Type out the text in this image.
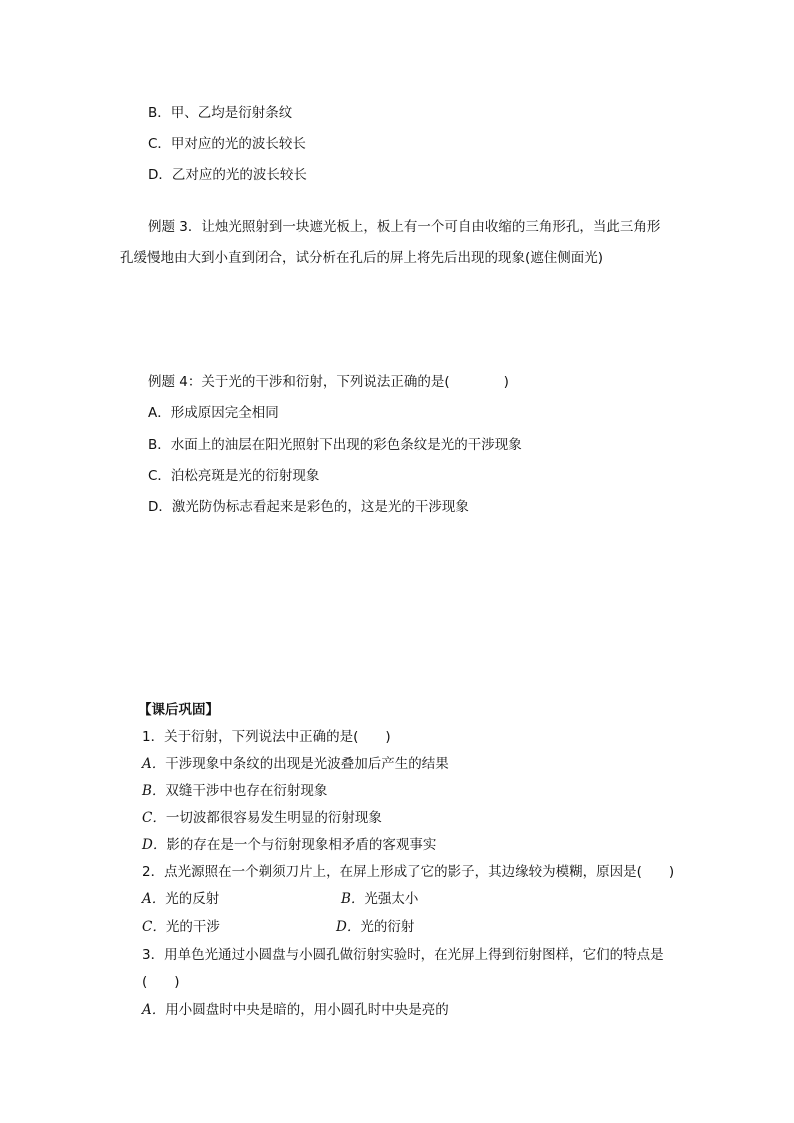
B．甲、乙均是衍射条纹
C．甲对应的光的波长较长
D．乙对应的光的波长较长
例题 3．让烛光照射到一块遮光板上，板上有一个可自由收缩的三角形孔，当此三角形
孔缓慢地由大到小直到闭合，试分析在孔后的屏上将先后出现的现象(遮住侧面光)
例题 4：关于光的干涉和衍射，下列说法正确的是(　　　　)
A．形成原因完全相同
B．水面上的油层在阳光照射下出现的彩色条纹是光的干涉现象
C．泊松亮斑是光的衍射现象
D．激光防伪标志看起来是彩色的，这是光的干涉现象
【课后巩固】
1．关于衍射，下列说法中正确的是(　　)
A．干涉现象中条纹的出现是光波叠加后产生的结果
B．双缝干涉中也存在衍射现象
C．一切波都很容易发生明显的衍射现象
D．影的存在是一个与衍射现象相矛盾的客观事实
2．点光源照在一个剃须刀片上，在屏上形成了它的影子，其边缘较为模糊，原因是(　　)
A．光的反射	B．光强太小
C．光的干涉	D．光的衍射
3．用单色光通过小圆盘与小圆孔做衍射实验时，在光屏上得到衍射图样，它们的特点是
(　　)
A．用小圆盘时中央是暗的，用小圆孔时中央是亮的
